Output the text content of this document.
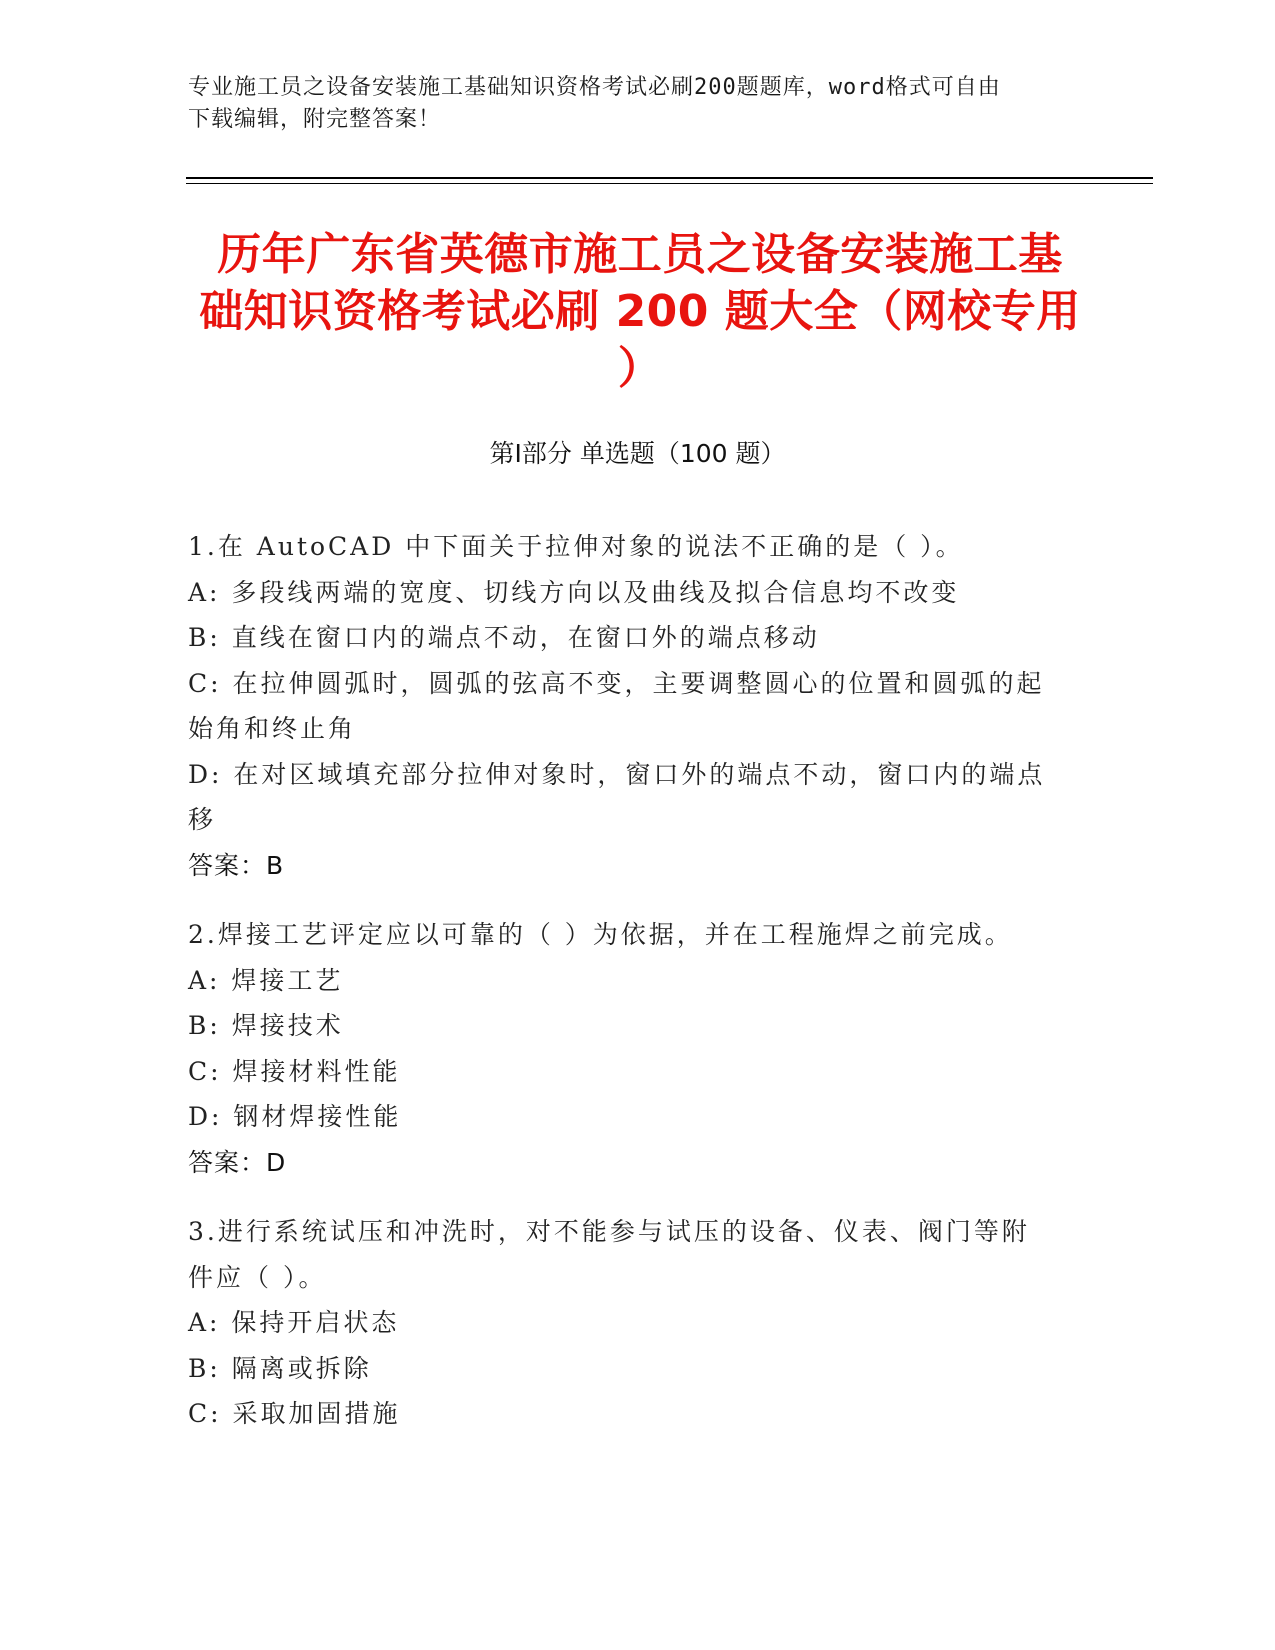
专业施工员之设备安装施工基础知识资格考试必刷200题题库，word格式可自由
下载编辑，附完整答案！
历年广东省英德市施工员之设备安装施工基
础知识资格考试必刷 200 题大全（网校专用
）
第Ⅰ部分 单选题（100 题）
1.在 AutoCAD 中下面关于拉伸对象的说法不正确的是（ ）。
A: 多段线两端的宽度、切线方向以及曲线及拟合信息均不改变
B: 直线在窗口内的端点不动，在窗口外的端点移动
C: 在拉伸圆弧时，圆弧的弦高不变，主要调整圆心的位置和圆弧的起
始角和终止角
D: 在对区域填充部分拉伸对象时，窗口外的端点不动，窗口内的端点
移
答案：B
2.焊接工艺评定应以可靠的（ ）为依据，并在工程施焊之前完成。
A: 焊接工艺
B: 焊接技术
C: 焊接材料性能
D: 钢材焊接性能
答案：D
3.进行系统试压和冲洗时，对不能参与试压的设备、仪表、阀门等附
件应（ ）。
A: 保持开启状态
B: 隔离或拆除
C: 采取加固措施
